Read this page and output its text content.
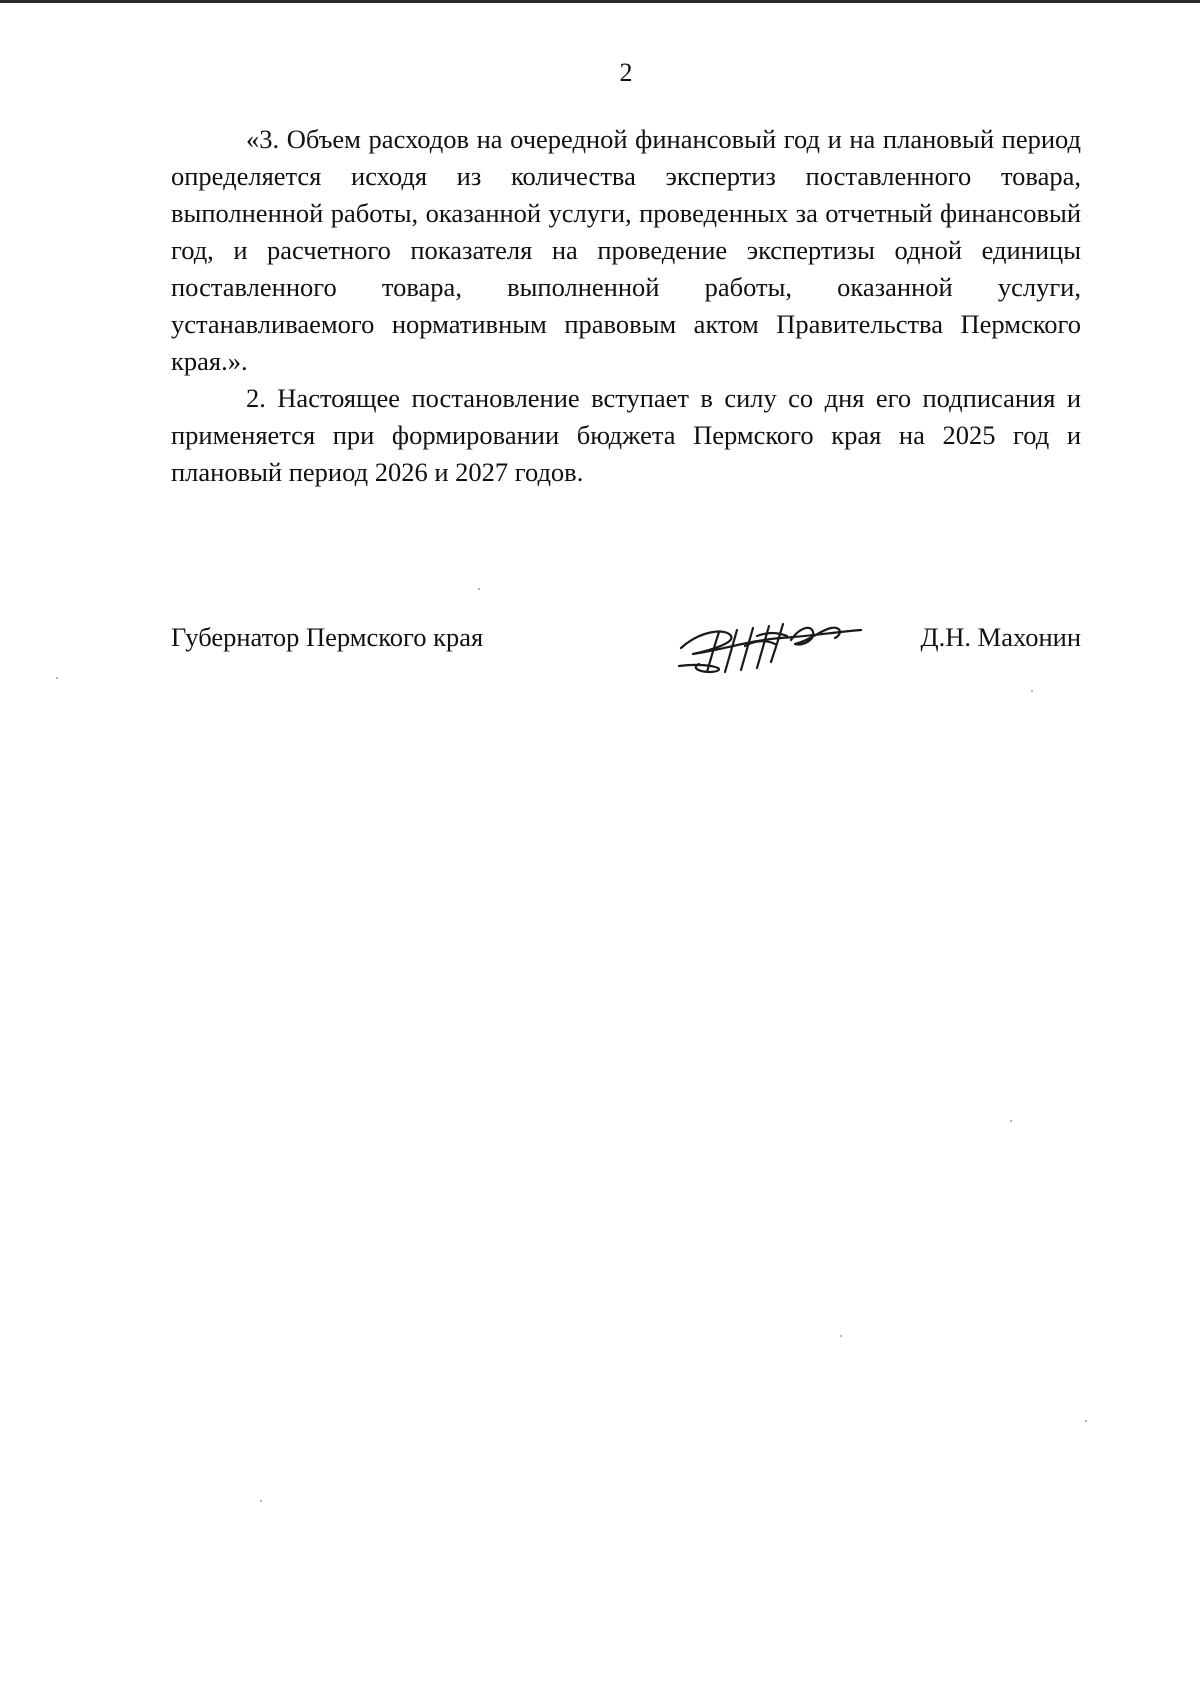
2

«3. Объем расходов на очередной финансовый год и на плановый период определяется исходя из количества экспертиз поставленного товара, выполненной работы, оказанной услуги, проведенных за отчетный финансовый год, и расчетного показателя на проведение экспертизы одной единицы поставленного товара, выполненной работы, оказанной услуги, устанавливаемого нормативным правовым актом Правительства Пермского края.».

2. Настоящее постановление вступает в силу со дня его подписания и применяется при формировании бюджета Пермского края на 2025 год и плановый период 2026 и 2027 годов.

Губернатор Пермского края	Д.Н. Махонин
